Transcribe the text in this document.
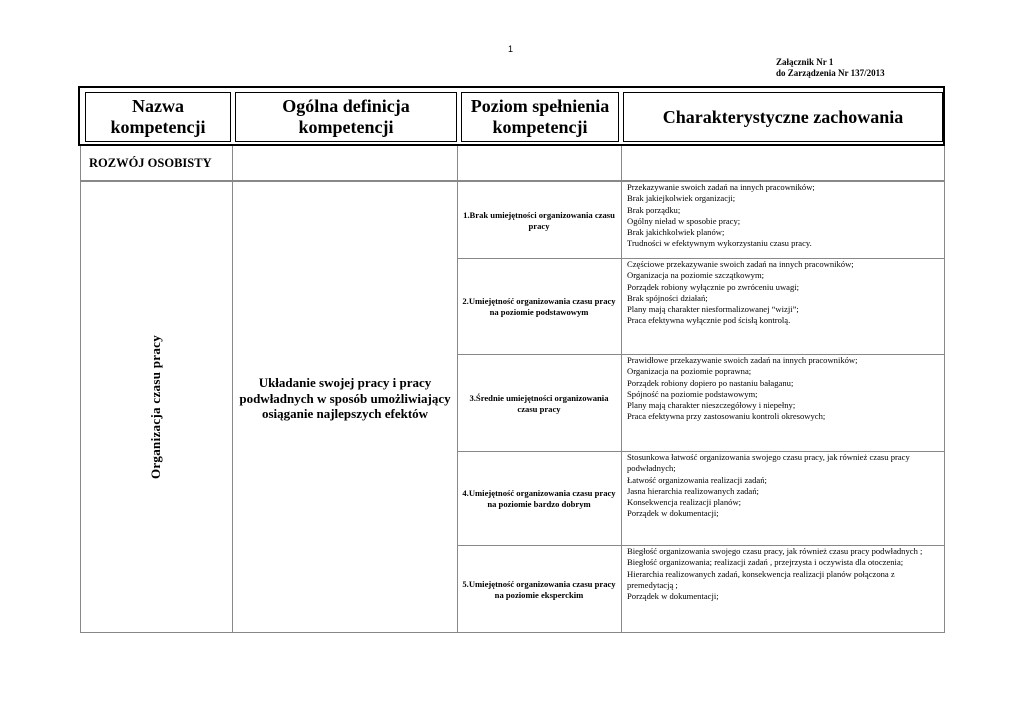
1
Załącznik Nr 1
do Zarządzenia Nr 137/2013
Nazwa kompetencji
Ogólna definicja kompetencji
Poziom spełnienia kompetencji
Charakterystyczne zachowania
ROZWÓJ OSOBISTY
Organizacja czasu pracy	Układanie swojej pracy i pracy podwładnych w sposób umożliwiający osiąganie najlepszych efektów
1.Brak umiejętności organizowania czasu pracy
2.Umiejętność organizowania czasu pracy na poziomie podstawowym
3.Średnie umiejętności organizowania czasu pracy
4.Umiejętność organizowania czasu pracy na poziomie bardzo dobrym
5.Umiejętność organizowania czasu pracy na poziomie eksperckim
Przekazywanie swoich zadań na innych pracowników;
Brak jakiejkolwiek organizacji;
Brak porządku;
Ogólny nieład w sposobie pracy;
Brak jakichkolwiek planów;
Trudności w efektywnym wykorzystaniu czasu pracy.
Częściowe przekazywanie swoich zadań na innych pracowników;
Organizacja na poziomie szczątkowym;
Porządek robiony wyłącznie po zwróceniu uwagi;
Brak spójności działań;
Plany mają charakter niesformalizowanej “wizji”;
Praca efektywna wyłącznie pod ścisłą kontrolą.
Prawidłowe przekazywanie swoich zadań na innych pracowników;
Organizacja na poziomie poprawna;
Porządek robiony dopiero po nastaniu bałaganu;
Spójność na poziomie podstawowym;
Plany mają charakter nieszczegółowy i niepełny;
Praca efektywna przy zastosowaniu kontroli okresowych;
Stosunkowa łatwość organizowania swojego czasu pracy, jak również czasu pracy podwładnych;
Łatwość organizowania realizacji zadań;
Jasna hierarchia realizowanych zadań;
Konsekwencja realizacji planów;
Porządek w dokumentacji;
Biegłość organizowania swojego czasu pracy, jak również czasu pracy podwładnych ;
Biegłość organizowania; realizacji zadań , przejrzysta i oczywista dla otoczenia;
Hierarchia realizowanych zadań, konsekwencja realizacji planów połączona z premedytacją ;
Porządek w dokumentacji;
